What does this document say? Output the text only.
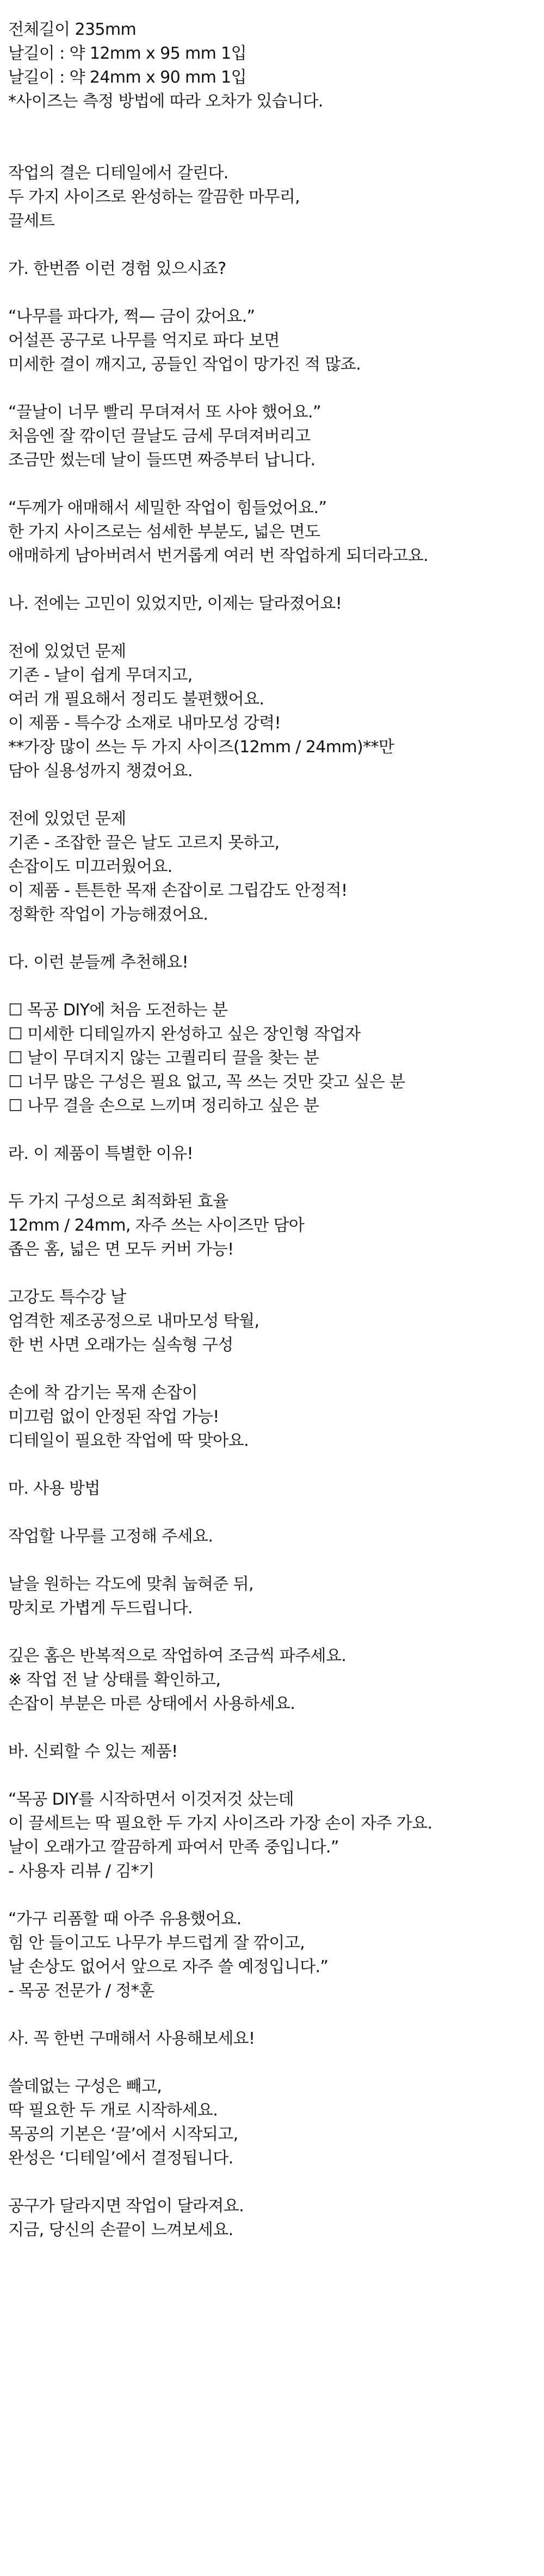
전체길이 235mm
날길이 : 약 12mm x 95 mm 1입
날길이 : 약 24mm x 90 mm 1입
*사이즈는 측정 방법에 따라 오차가 있습니다.
작업의 결은 디테일에서 갈린다.
두 가지 사이즈로 완성하는 깔끔한 마무리,
끌세트
가. 한번쯤 이런 경험 있으시죠?
“나무를 파다가, 쩍— 금이 갔어요.”
어설픈 공구로 나무를 억지로 파다 보면
미세한 결이 깨지고, 공들인 작업이 망가진 적 많죠.
“끌날이 너무 빨리 무뎌져서 또 사야 했어요.”
처음엔 잘 깎이던 끌날도 금세 무뎌져버리고
조금만 썼는데 날이 들뜨면 짜증부터 납니다.
“두께가 애매해서 세밀한 작업이 힘들었어요.”
한 가지 사이즈로는 섬세한 부분도, 넓은 면도
애매하게 남아버려서 번거롭게 여러 번 작업하게 되더라고요.
나. 전에는 고민이 있었지만, 이제는 달라졌어요!
전에 있었던 문제
기존 - 날이 쉽게 무뎌지고,
여러 개 필요해서 정리도 불편했어요.
이 제품 - 특수강 소재로 내마모성 강력!
**가장 많이 쓰는 두 가지 사이즈(12mm / 24mm)**만
담아 실용성까지 챙겼어요.
전에 있었던 문제
기존 - 조잡한 끌은 날도 고르지 못하고,
손잡이도 미끄러웠어요.
이 제품 - 튼튼한 목재 손잡이로 그립감도 안정적!
정확한 작업이 가능해졌어요.
다. 이런 분들께 추천해요!
☐ 목공 DIY에 처음 도전하는 분
☐ 미세한 디테일까지 완성하고 싶은 장인형 작업자
☐ 날이 무뎌지지 않는 고퀄리티 끌을 찾는 분
☐ 너무 많은 구성은 필요 없고, 꼭 쓰는 것만 갖고 싶은 분
☐ 나무 결을 손으로 느끼며 정리하고 싶은 분
라. 이 제품이 특별한 이유!
두 가지 구성으로 최적화된 효율
12mm / 24mm, 자주 쓰는 사이즈만 담아
좁은 홈, 넓은 면 모두 커버 가능!
고강도 특수강 날
엄격한 제조공정으로 내마모성 탁월,
한 번 사면 오래가는 실속형 구성
손에 착 감기는 목재 손잡이
미끄럼 없이 안정된 작업 가능!
디테일이 필요한 작업에 딱 맞아요.
마. 사용 방법
작업할 나무를 고정해 주세요.
날을 원하는 각도에 맞춰 눕혀준 뒤,
망치로 가볍게 두드립니다.
깊은 홈은 반복적으로 작업하여 조금씩 파주세요.
※ 작업 전 날 상태를 확인하고,
손잡이 부분은 마른 상태에서 사용하세요.
바. 신뢰할 수 있는 제품!
“목공 DIY를 시작하면서 이것저것 샀는데
이 끌세트는 딱 필요한 두 가지 사이즈라 가장 손이 자주 가요.
날이 오래가고 깔끔하게 파여서 만족 중입니다.”
- 사용자 리뷰 / 김*기
“가구 리폼할 때 아주 유용했어요.
힘 안 들이고도 나무가 부드럽게 잘 깎이고,
날 손상도 없어서 앞으로 자주 쓸 예정입니다.”
- 목공 전문가 / 정*훈
사. 꼭 한번 구매해서 사용해보세요!
쓸데없는 구성은 빼고,
딱 필요한 두 개로 시작하세요.
목공의 기본은 ‘끌’에서 시작되고,
완성은 ‘디테일’에서 결정됩니다.
공구가 달라지면 작업이 달라져요.
지금, 당신의 손끝이 느껴보세요.
